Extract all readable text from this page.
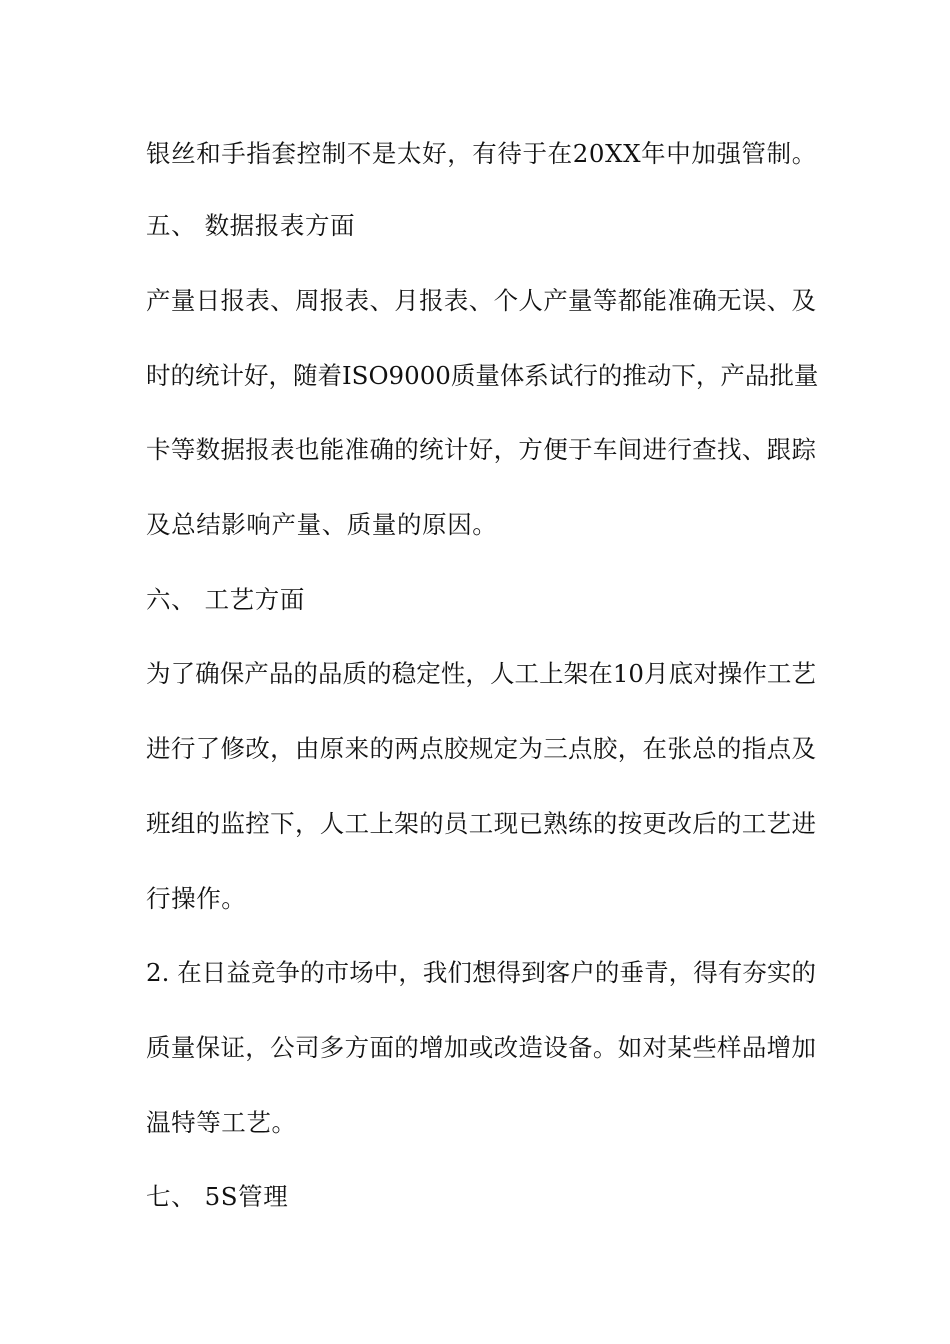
银丝和手指套控制不是太好，有待于在20XX年中加强管制。
五、 数据报表方面
产量日报表、周报表、月报表、个人产量等都能准确无误、及
时的统计好，随着ISO9000质量体系试行的推动下，产品批量
卡等数据报表也能准确的统计好，方便于车间进行查找、跟踪
及总结影响产量、质量的原因。
六、 工艺方面
为了确保产品的品质的稳定性，人工上架在10月底对操作工艺
进行了修改，由原来的两点胶规定为三点胶，在张总的指点及
班组的监控下，人工上架的员工现已熟练的按更改后的工艺进
行操作。
2. 在日益竞争的市场中，我们想得到客户的垂青，得有夯实的
质量保证，公司多方面的增加或改造设备。如对某些样品增加
温特等工艺。
七、 5S管理
